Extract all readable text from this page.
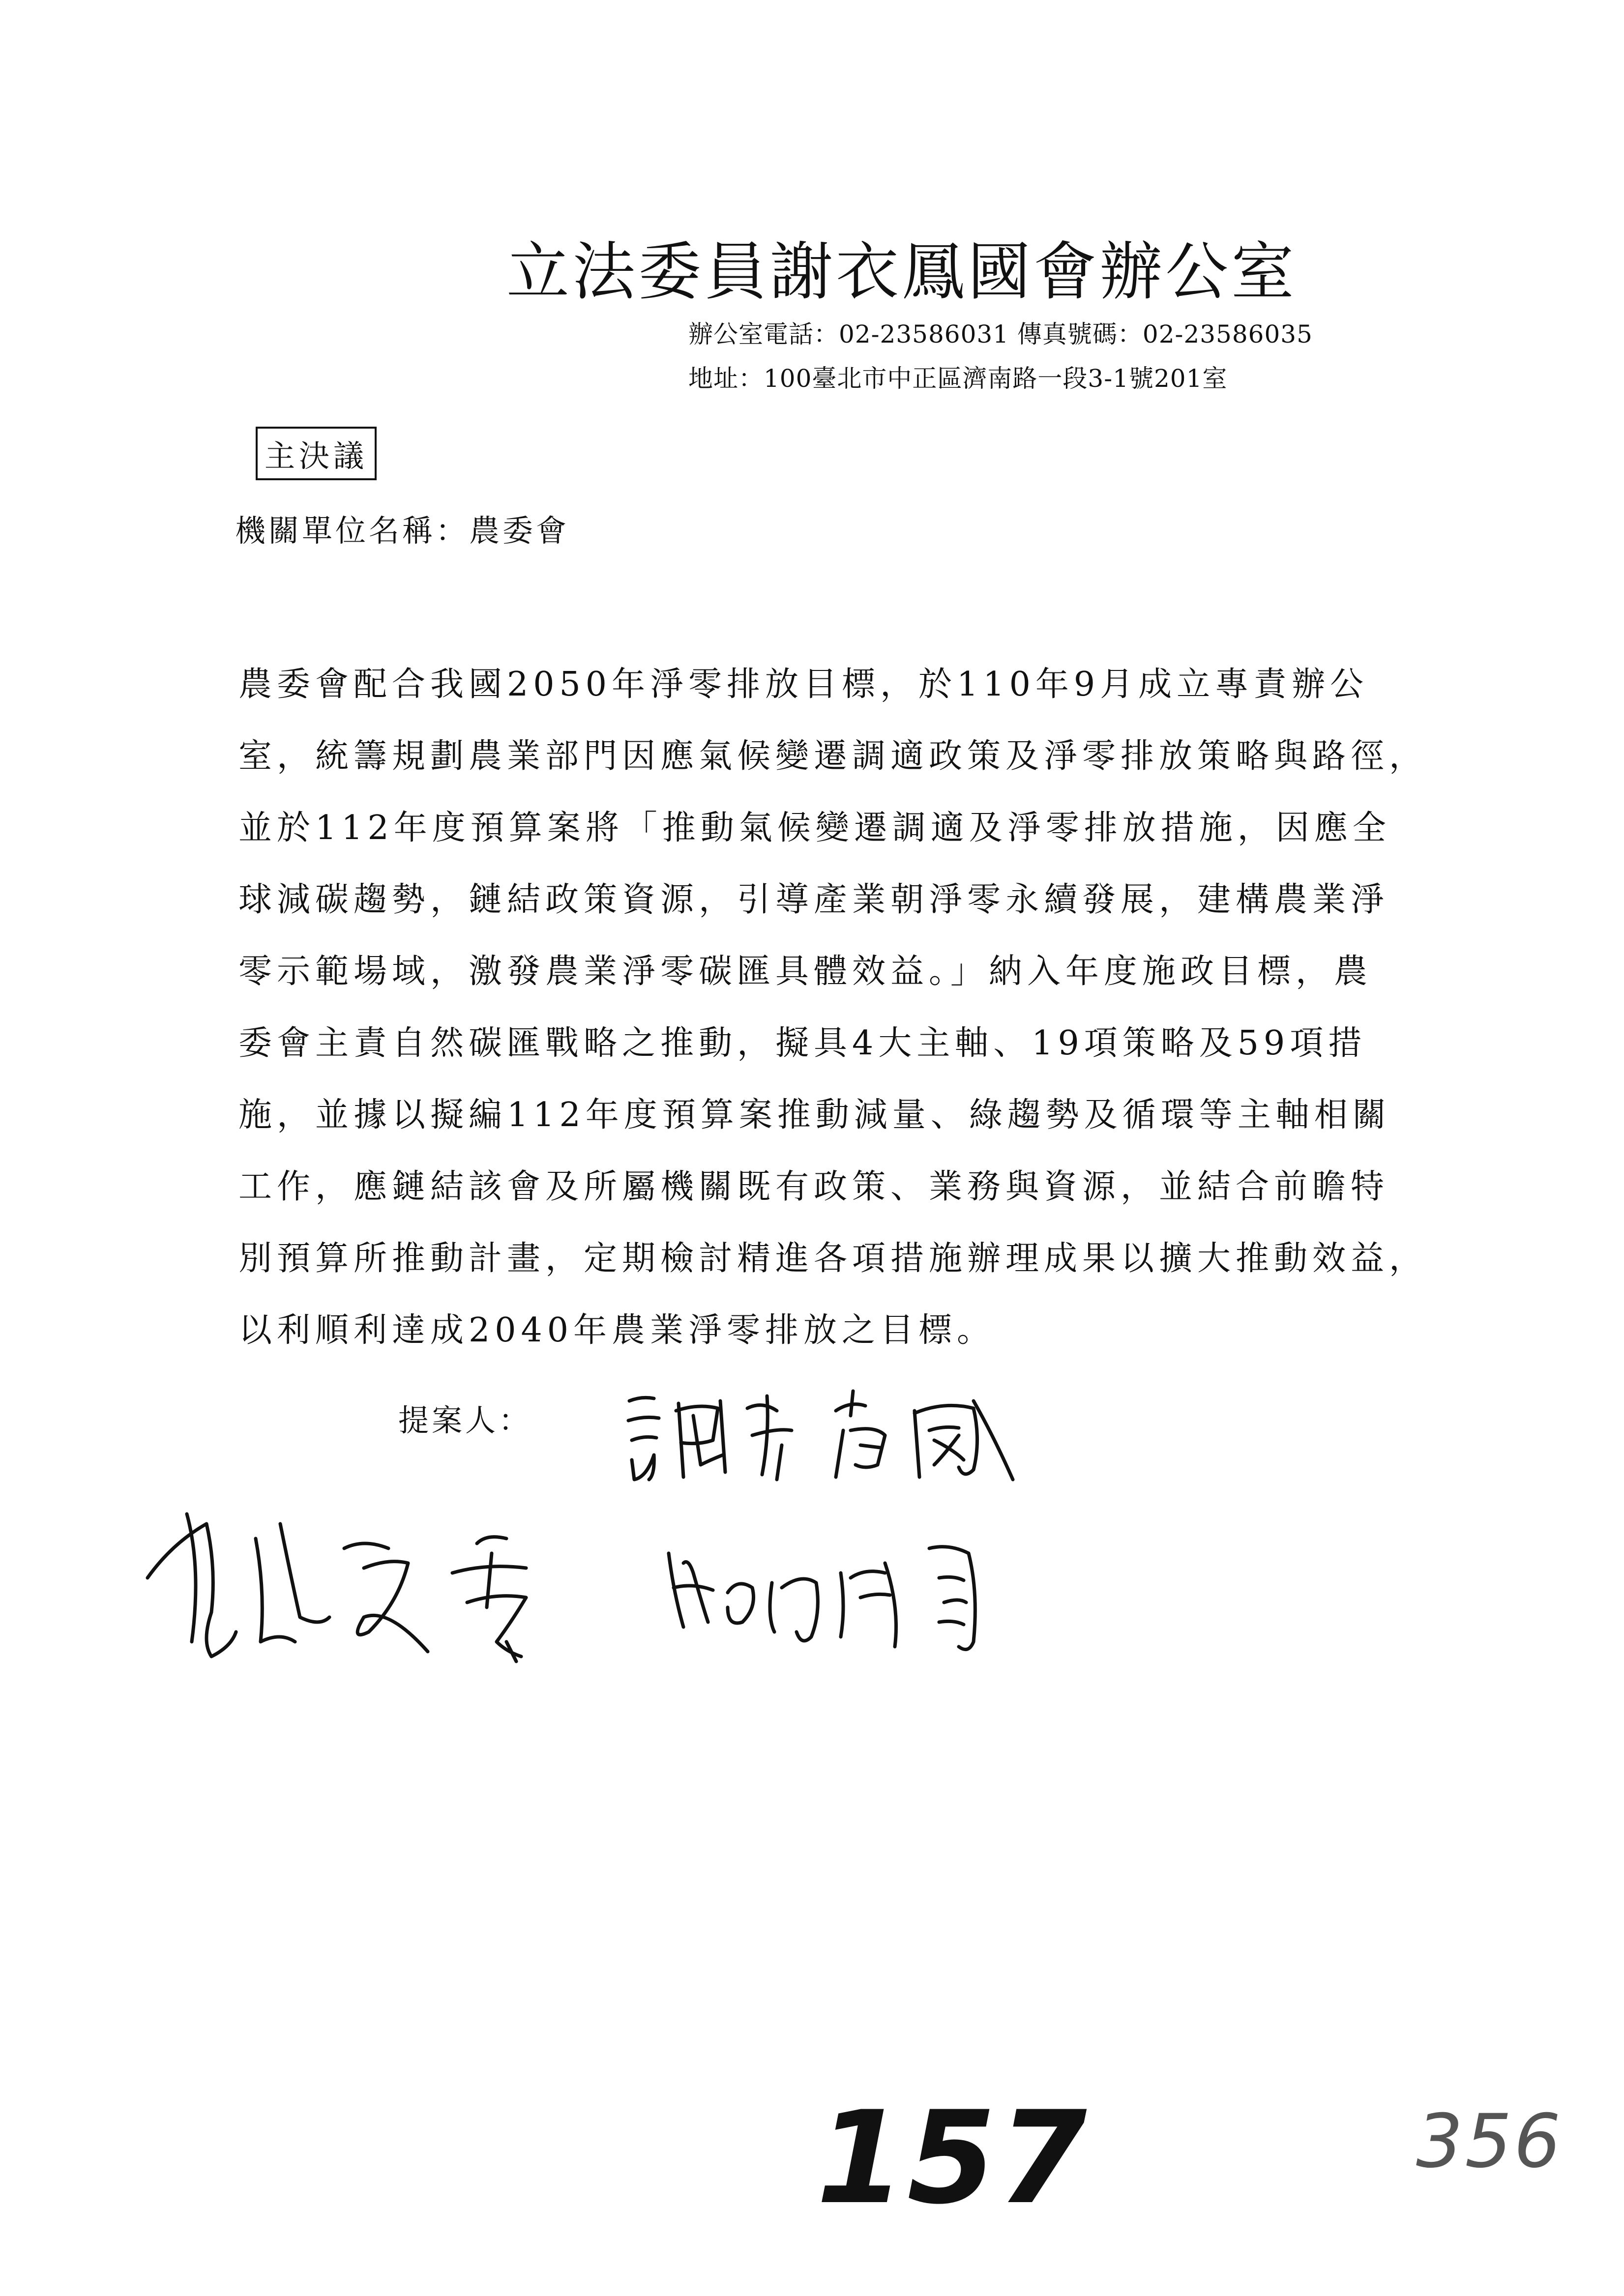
立法委員謝衣鳳國會辦公室
辦公室電話：02-23586031 傳真號碼：02-23586035
地址：100臺北市中正區濟南路一段3-1號201室
主決議
機關單位名稱：農委會
農委會配合我國2050年淨零排放目標，於110年9月成立專責辦公
室，統籌規劃農業部門因應氣候變遷調適政策及淨零排放策略與路徑，
並於112年度預算案將「推動氣候變遷調適及淨零排放措施，因應全
球減碳趨勢，鏈結政策資源，引導產業朝淨零永續發展，建構農業淨
零示範場域，激發農業淨零碳匯具體效益。」納入年度施政目標，農
委會主責自然碳匯戰略之推動，擬具4大主軸、19項策略及59項措
施，並據以擬編112年度預算案推動減量、綠趨勢及循環等主軸相關
工作，應鏈結該會及所屬機關既有政策、業務與資源，並結合前瞻特
別預算所推動計畫，定期檢討精進各項措施辦理成果以擴大推動效益，
以利順利達成2040年農業淨零排放之目標。
提案人：
157	356
